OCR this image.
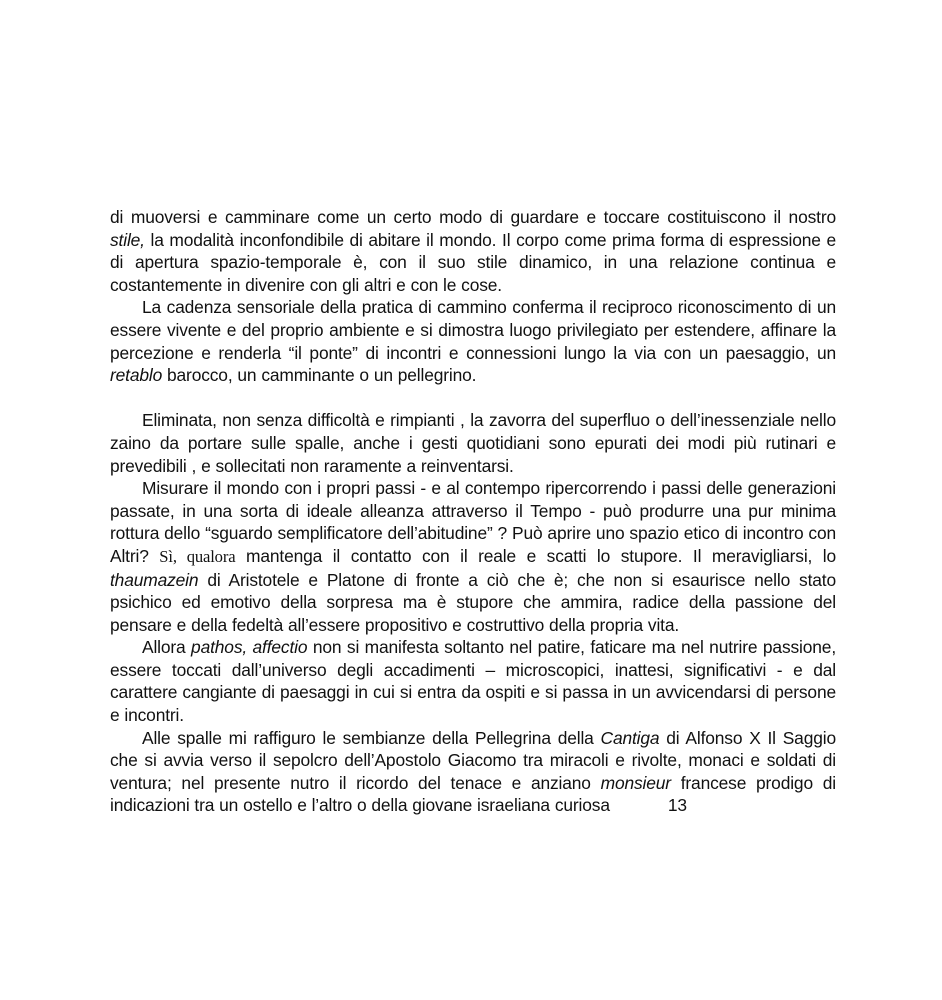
di muoversi e camminare come un certo modo di guardare e toccare costituiscono il nostro stile, la modalità inconfondibile di abitare il mondo. Il corpo come prima forma di espressione e di apertura spazio-temporale è, con il suo stile dinamico, in una relazione continua e costantemente in divenire con gli altri e con le cose.

La cadenza sensoriale della pratica di cammino conferma il reciproco riconoscimento di un essere vivente e del proprio ambiente e si dimostra luogo privilegiato per estendere, affinare la percezione e renderla “il ponte” di incontri e connessioni lungo la via con un paesaggio, un retablo barocco, un camminante o un pellegrino.

Eliminata, non senza difficoltà e rimpianti , la zavorra del superfluo o dell’inessenziale nello zaino da portare sulle spalle, anche i gesti quotidiani sono epurati dei modi più rutinari e prevedibili , e sollecitati non raramente a reinventarsi.

Misurare il mondo con i propri passi - e al contempo ripercorrendo i passi delle generazioni passate, in una sorta di ideale alleanza attraverso il Tempo - può produrre una pur minima rottura dello “sguardo semplificatore dell’abitudine” ? Può aprire uno spazio etico di incontro con Altri? Sì, qualora mantenga il contatto con il reale e scatti lo stupore. Il meravigliarsi, lo thaumazein di Aristotele e Platone di fronte a ciò che è; che non si esaurisce nello stato psichico ed emotivo della sorpresa ma è stupore che ammira, radice della passione del pensare e della fedeltà all’essere propositivo e costruttivo della propria vita.

Allora pathos, affectio non si manifesta soltanto nel patire, faticare ma nel nutrire passione, essere toccati dall’universo degli accadimenti – microscopici, inattesi, significativi - e dal carattere cangiante di paesaggi in cui si entra da ospiti e si passa in un avvicendarsi di persone e incontri.

Alle spalle mi raffiguro le sembianze della Pellegrina della Cantiga di Alfonso X Il Saggio che si avvia verso il sepolcro dell’Apostolo Giacomo tra miracoli e rivolte, monaci e soldati di ventura; nel presente nutro il ricordo del tenace e anziano monsieur francese prodigo di indicazioni tra un ostello e l’altro o della giovane israeliana curiosa	13
